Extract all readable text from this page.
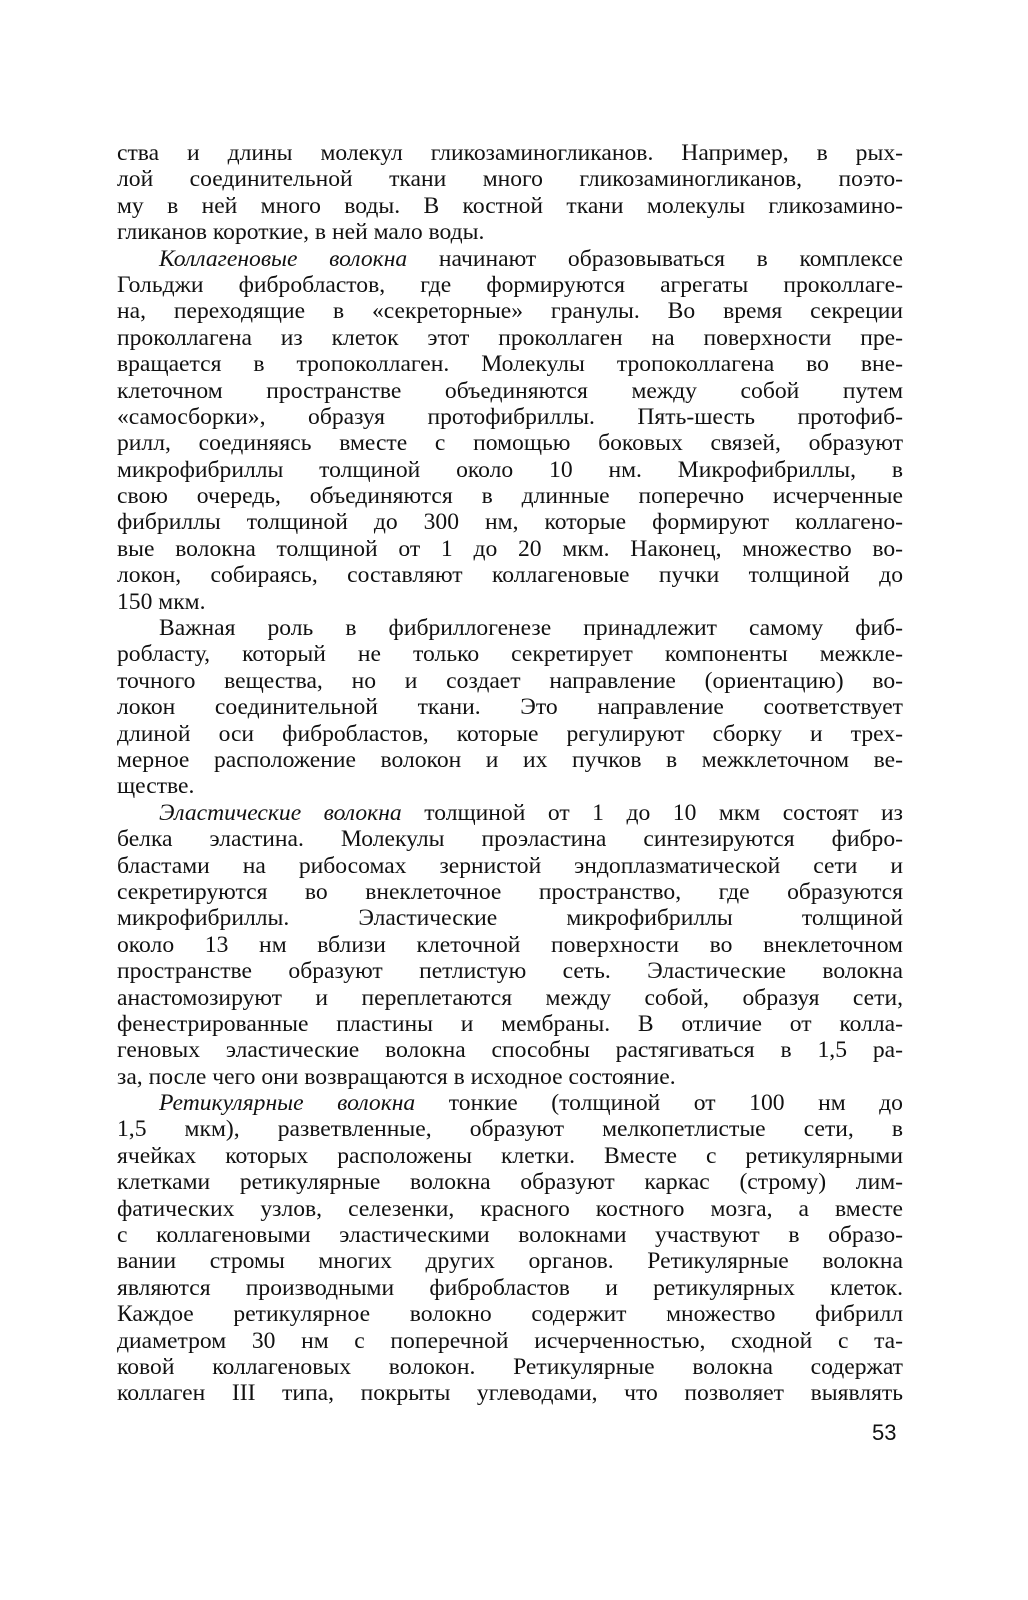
ства и длины молекул гликозаминогликанов. Например, в рых-
лой соединительной ткани много гликозаминогликанов, поэто-
му в ней много воды. В костной ткани молекулы гликозамино-
гликанов короткие, в ней мало воды.
Коллагеновые волокна начинают образовываться в комплексе
Гольджи фибробластов, где формируются агрегаты проколлаге-
на, переходящие в «секреторные» гранулы. Во время секреции
проколлагена из клеток этот проколлаген на поверхности пре-
вращается в тропоколлаген. Молекулы тропоколлагена во вне-
клеточном пространстве объединяются между собой путем
«самосборки», образуя протофибриллы. Пять-шесть протофиб-
рилл, соединяясь вместе с помощью боковых связей, образуют
микрофибриллы толщиной около 10 нм. Микрофибриллы, в
свою очередь, объединяются в длинные поперечно исчерченные
фибриллы толщиной до 300 нм, которые формируют коллагено-
вые волокна толщиной от 1 до 20 мкм. Наконец, множество во-
локон, собираясь, составляют коллагеновые пучки толщиной до
150 мкм.
Важная роль в фибриллогенезе принадлежит самому фиб-
робласту, который не только секретирует компоненты межкле-
точного вещества, но и создает направление (ориентацию) во-
локон соединительной ткани. Это направление соответствует
длиной оси фибробластов, которые регулируют сборку и трех-
мерное расположение волокон и их пучков в межклеточном ве-
ществе.
Эластические волокна толщиной от 1 до 10 мкм состоят из
белка эластина. Молекулы проэластина синтезируются фибро-
бластами на рибосомах зернистой эндоплазматической сети и
секретируются во внеклеточное пространство, где образуются
микрофибриллы. Эластические микрофибриллы толщиной
около 13 нм вблизи клеточной поверхности во внеклеточном
пространстве образуют петлистую сеть. Эластические волокна
анастомозируют и переплетаются между собой, образуя сети,
фенестрированные пластины и мембраны. В отличие от колла-
геновых эластические волокна способны растягиваться в 1,5 ра-
за, после чего они возвращаются в исходное состояние.
Ретикулярные волокна тонкие (толщиной от 100 нм до
1,5 мкм), разветвленные, образуют мелкопетлистые сети, в
ячейках которых расположены клетки. Вместе с ретикулярными
клетками ретикулярные волокна образуют каркас (строму) лим-
фатических узлов, селезенки, красного костного мозга, а вместе
с коллагеновыми эластическими волокнами участвуют в образо-
вании стромы многих других органов. Ретикулярные волокна
являются производными фибробластов и ретикулярных клеток.
Каждое ретикулярное волокно содержит множество фибрилл
диаметром 30 нм с поперечной исчерченностью, сходной с та-
ковой коллагеновых волокон. Ретикулярные волокна содержат
коллаген III типа, покрыты углеводами, что позволяет выявлять
53
